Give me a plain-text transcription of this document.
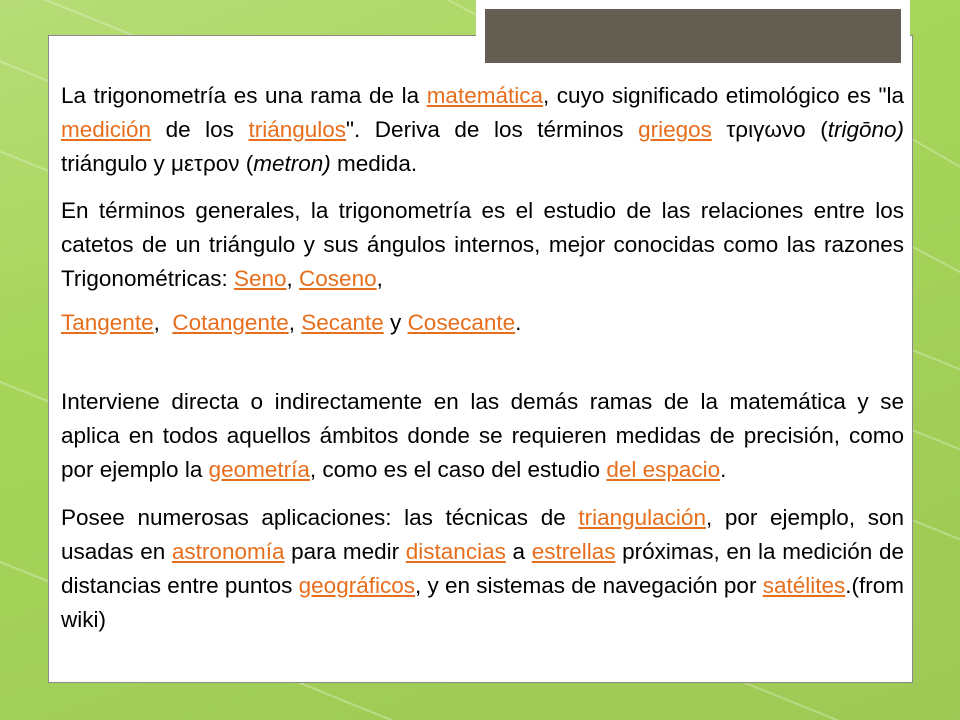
La trigonometría es una rama de la matemática, cuyo significado etimológico es "la medición de los triángulos". Deriva de los términos griegos τριγωνο (trigōno) triángulo y μετρον (metron) medida.

En términos generales, la trigonometría es el estudio de las relaciones entre los catetos de un triángulo y sus ángulos internos, mejor conocidas como las razones Trigonométricas: Seno, Coseno,

Tangente,  Cotangente, Secante y Cosecante.

Interviene directa o indirectamente en las demás ramas de la matemática y se aplica en todos aquellos ámbitos donde se requieren medidas de precisión, como por ejemplo la geometría, como es el caso del estudio del espacio.

Posee numerosas aplicaciones: las técnicas de triangulación, por ejemplo, son usadas en astronomía para medir distancias a estrellas próximas, en la medición de distancias entre puntos geográficos, y en sistemas de navegación por satélites.(from wiki)
